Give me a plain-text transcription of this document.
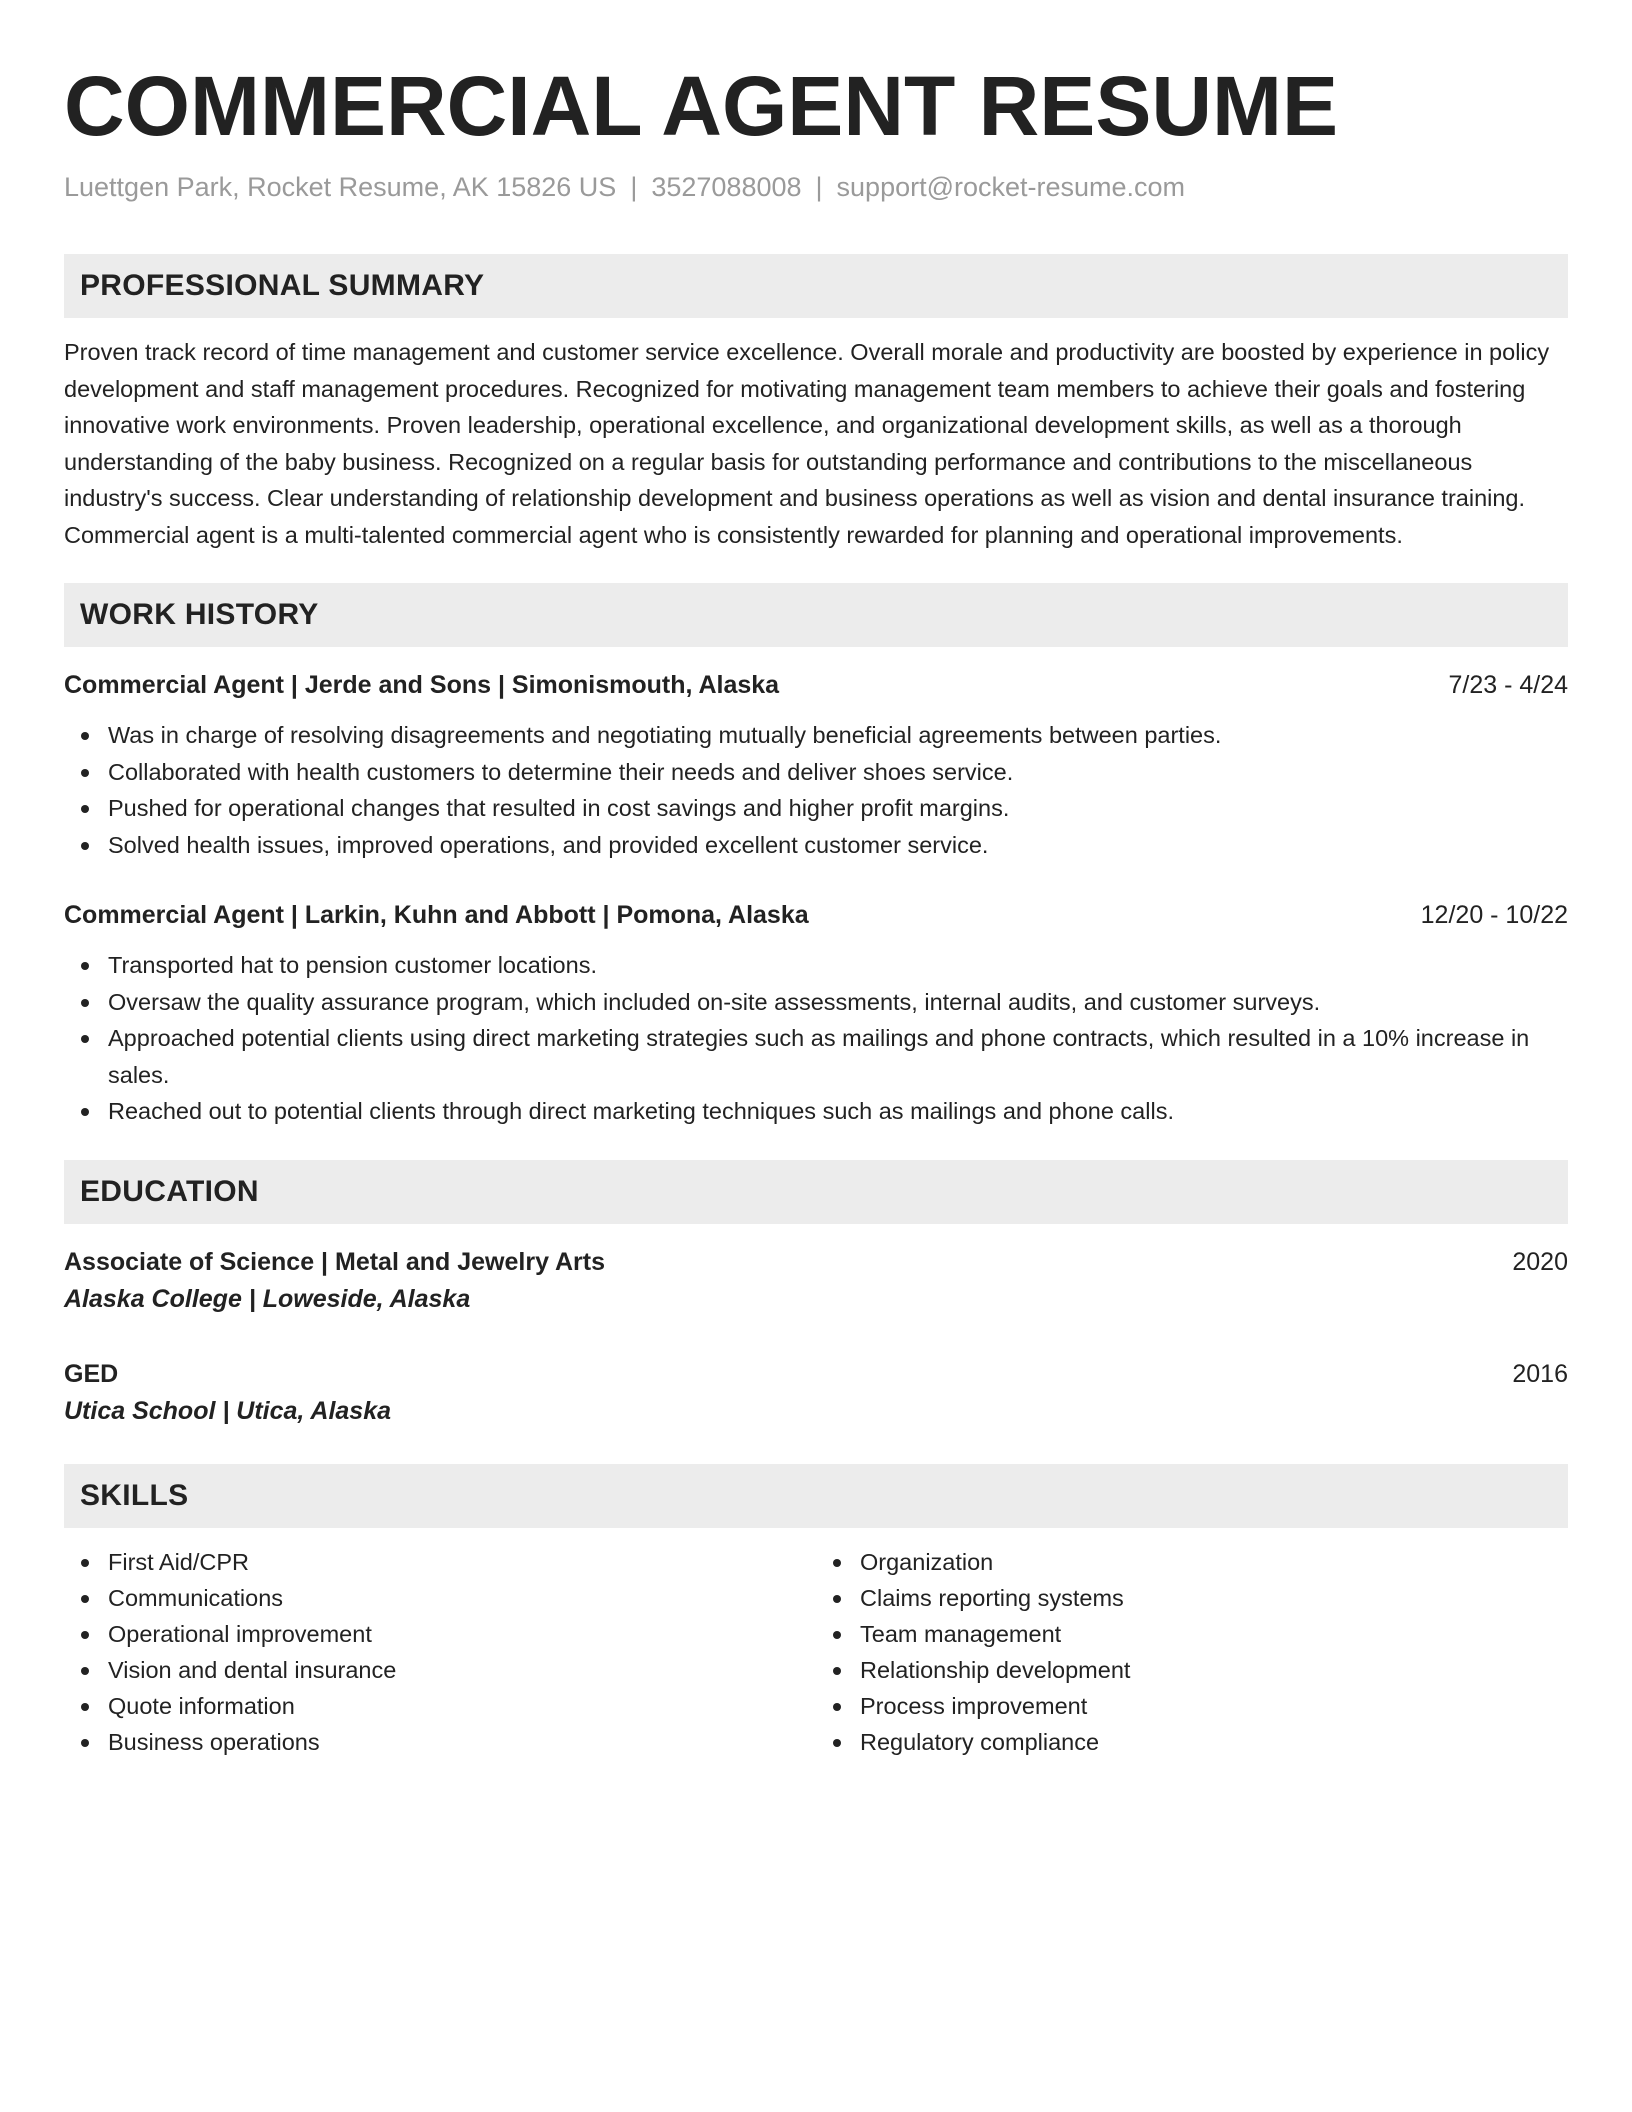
COMMERCIAL AGENT RESUME
Luettgen Park, Rocket Resume, AK 15826 US | 3527088008 | support@rocket-resume.com
PROFESSIONAL SUMMARY
Proven track record of time management and customer service excellence. Overall morale and productivity are boosted by experience in policy development and staff management procedures. Recognized for motivating management team members to achieve their goals and fostering innovative work environments. Proven leadership, operational excellence, and organizational development skills, as well as a thorough understanding of the baby business. Recognized on a regular basis for outstanding performance and contributions to the miscellaneous industry's success. Clear understanding of relationship development and business operations as well as vision and dental insurance training. Commercial agent is a multi-talented commercial agent who is consistently rewarded for planning and operational improvements.
WORK HISTORY
Commercial Agent | Jerde and Sons | Simonismouth, Alaska	7/23 - 4/24
Was in charge of resolving disagreements and negotiating mutually beneficial agreements between parties.
Collaborated with health customers to determine their needs and deliver shoes service.
Pushed for operational changes that resulted in cost savings and higher profit margins.
Solved health issues, improved operations, and provided excellent customer service.
Commercial Agent | Larkin, Kuhn and Abbott | Pomona, Alaska	12/20 - 10/22
Transported hat to pension customer locations.
Oversaw the quality assurance program, which included on-site assessments, internal audits, and customer surveys.
Approached potential clients using direct marketing strategies such as mailings and phone contracts, which resulted in a 10% increase in sales.
Reached out to potential clients through direct marketing techniques such as mailings and phone calls.
EDUCATION
Associate of Science | Metal and Jewelry Arts	2020
Alaska College | Loweside, Alaska
GED	2016
Utica School | Utica, Alaska
SKILLS
First Aid/CPR
Communications
Operational improvement
Vision and dental insurance
Quote information
Business operations
Organization
Claims reporting systems
Team management
Relationship development
Process improvement
Regulatory compliance
